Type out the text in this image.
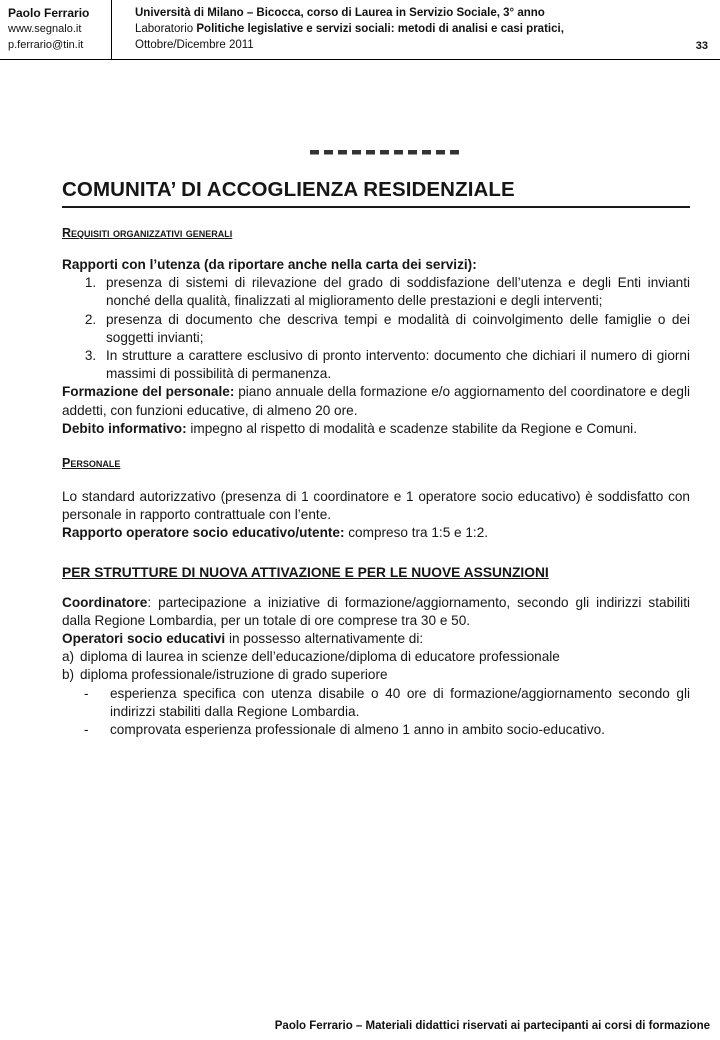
Paolo Ferrario
www.segnalo.it
p.ferrario@tin.it
Università di Milano – Bicocca, corso di Laurea in Servizio Sociale, 3° anno
Laboratorio Politiche legislative e servizi sociali: metodi di analisi e casi pratici,
Ottobre/Dicembre 2011	33
COMUNITA’ DI ACCOGLIENZA RESIDENZIALE
Requisiti organizzativi generali

Rapporti con l’utenza (da riportare anche nella carta dei servizi):

1. presenza di sistemi di rilevazione del grado di soddisfazione dell’utenza e degli Enti invianti nonché della qualità, finalizzati al miglioramento delle prestazioni e degli interventi;
2. presenza di documento che descriva tempi e modalità di coinvolgimento delle famiglie o dei soggetti invianti;
3. In strutture a carattere esclusivo di pronto intervento: documento che dichiari il numero di giorni massimi di possibilità di permanenza.

Formazione del personale: piano annuale della formazione e/o aggiornamento del coordinatore e degli addetti, con funzioni educative, di almeno 20 ore.

Debito informativo: impegno al rispetto di modalità e scadenze stabilite da Regione e Comuni.

Personale

Lo standard autorizzativo (presenza di 1 coordinatore e 1 operatore socio educativo) è soddisfatto con personale in rapporto contrattuale con l’ente.

Rapporto operatore socio educativo/utente: compreso tra 1:5 e 1:2.

PER STRUTTURE DI NUOVA ATTIVAZIONE E PER LE NUOVE ASSUNZIONI

Coordinatore: partecipazione a iniziative di formazione/aggiornamento, secondo gli indirizzi stabiliti dalla Regione Lombardia, per un totale di ore comprese tra 30 e 50.

Operatori socio educativi in possesso alternativamente di:

a) diploma di laurea in scienze dell’educazione/diploma di educatore professionale
b) diploma professionale/istruzione di grado superiore
-	esperienza specifica con utenza disabile o 40 ore di formazione/aggiornamento secondo gli indirizzi stabiliti dalla Regione Lombardia.
-	comprovata esperienza professionale di almeno 1 anno in ambito socio-educativo.
Paolo Ferrario – Materiali didattici riservati ai partecipanti ai corsi di formazione
